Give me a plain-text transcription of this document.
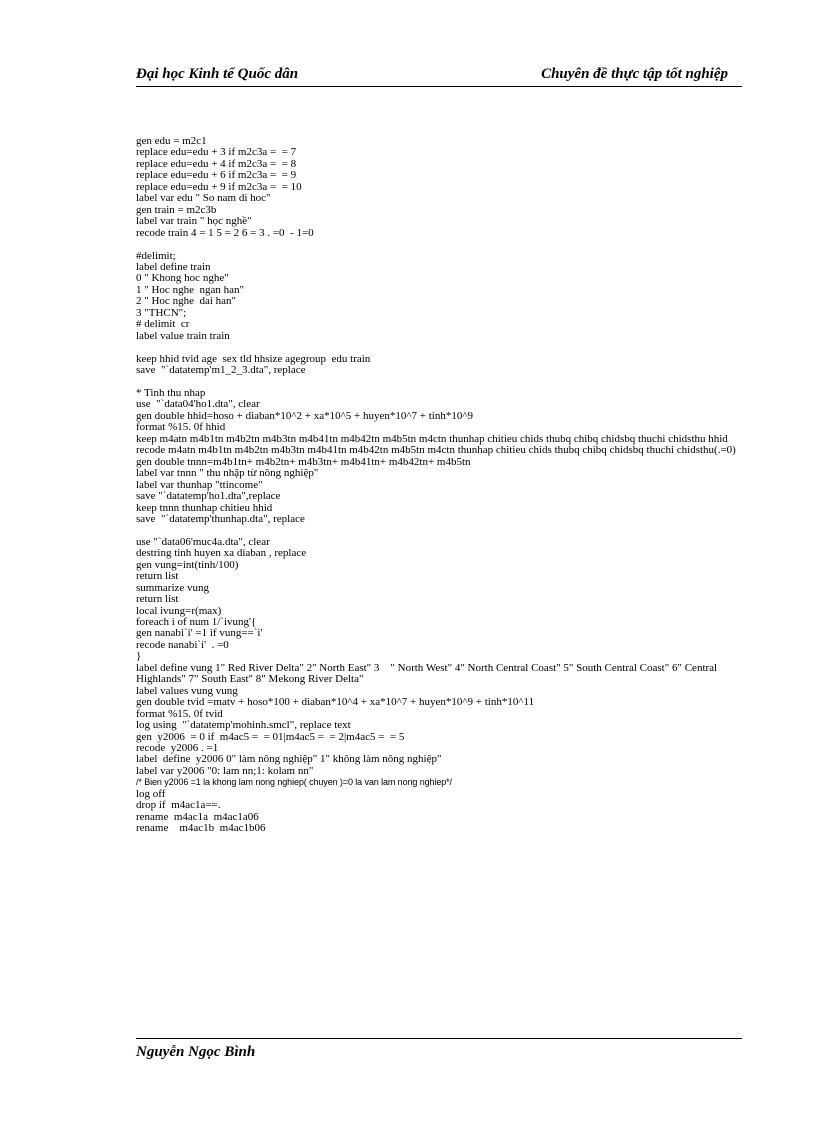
Đại học Kinh tế Quốc dân	Chuyên đề thực tập tốt nghiệp
gen edu = m2c1
replace edu=edu + 3 if m2c3a =  = 7
replace edu=edu + 4 if m2c3a =  = 8
replace edu=edu + 6 if m2c3a =  = 9
replace edu=edu + 9 if m2c3a =  = 10
label var edu " So nam di hoc"
gen train = m2c3b
label var train " học nghề"
recode train 4 = 1 5 = 2 6 = 3 . =0  - 1=0

#delimit;
label define train
0 " Khong hoc nghe"
1 " Hoc nghe  ngan han"
2 " Hoc nghe  dai han"
3 "THCN";
# delimit  cr
label value train train

keep hhid tvid age  sex tld hhsize agegroup  edu train
save  "`datatemp'm1_2_3.dta", replace

* Tinh thu nhap
use  "`data04'ho1.dta", clear
gen double hhid=hoso + diaban*10^2 + xa*10^5 + huyen*10^7 + tinh*10^9
format %15. 0f hhid
keep m4atn m4b1tn m4b2tn m4b3tn m4b41tn m4b42tn m4b5tn m4ctn thunhap chitieu chids thubq chibq chidsbq thuchi chidsthu hhid
recode m4atn m4b1tn m4b2tn m4b3tn m4b41tn m4b42tn m4b5tn m4ctn thunhap chitieu chids thubq chibq chidsbq thuchi chidsthu(.=0)
gen double tnnn=m4b1tn+ m4b2tn+ m4b3tn+ m4b41tn+ m4b42tn+ m4b5tn
label var tnnn " thu nhập từ nông nghiệp"
label var thunhap "ttincome"
save "`datatemp'ho1.dta",replace
keep tnnn thunhap chitieu hhid
save  "`datatemp'thunhap.dta", replace

use "`data06'muc4a.dta", clear
destring tinh huyen xa diaban , replace
gen vung=int(tinh/100)
return list
summarize vung
return list
local ivung=r(max)
foreach i of num 1/`ivung'{
gen nanabi`i' =1 if vung==`i'
recode nanabi`i'  . =0
}
label define vung 1" Red River Delta" 2" North East" 3    " North West" 4" North Central Coast" 5" South Central Coast" 6" Central Highlands" 7" South East" 8" Mekong River Delta"
label values vung vung
gen double tvid =matv + hoso*100 + diaban*10^4 + xa*10^7 + huyen*10^9 + tinh*10^11
format %15. 0f tvid
log using  "`datatemp'mohinh.smcl", replace text
gen  y2006  = 0 if  m4ac5 =  = 01|m4ac5 =  = 2|m4ac5 =  = 5
recode  y2006 . =1
label  define  y2006 0" làm nông nghiệp" 1" không làm nông nghiệp"
label var y2006 "0: lam nn;1: kolam nn"
/* Bien y2006 =1 la khong lam nong nghiep( chuyen )=0 la van lam nong nghiep*/
log off
drop if  m4ac1a==.
rename  m4ac1a  m4ac1a06
rename    m4ac1b  m4ac1b06
Nguyễn Ngọc Bình
